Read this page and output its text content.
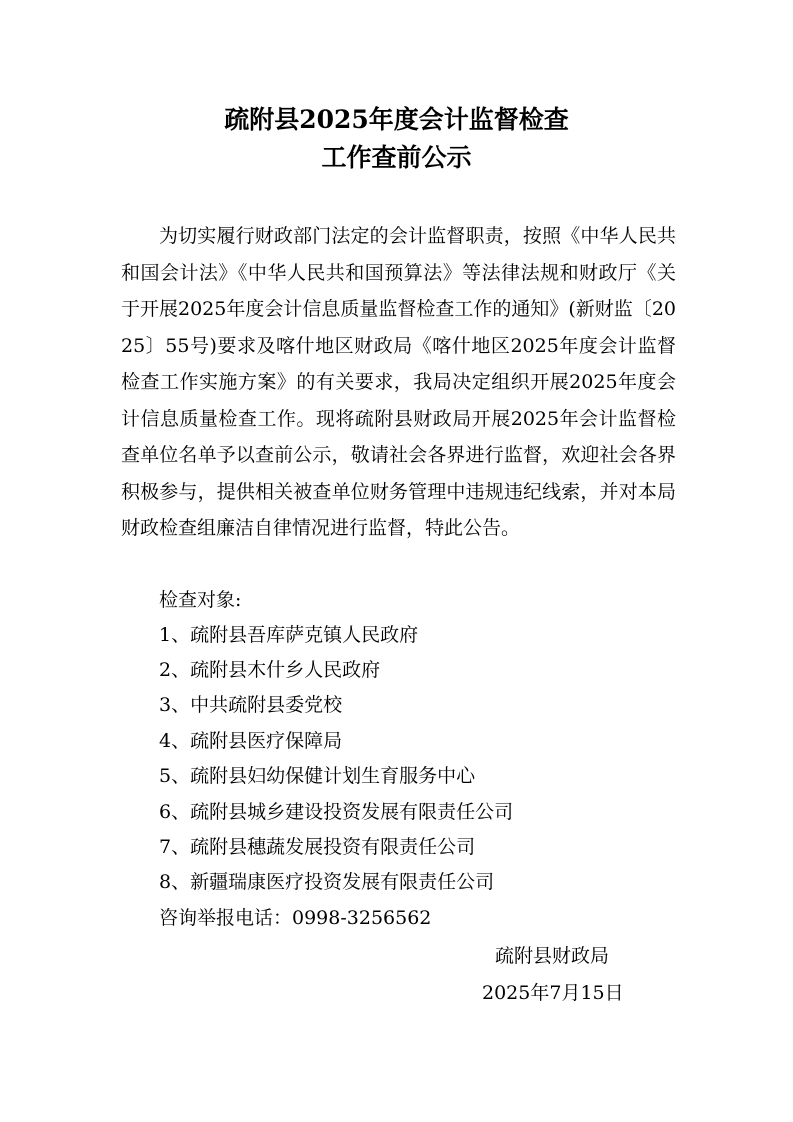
疏附县2025年度会计监督检查
工作查前公示
为切实履行财政部门法定的会计监督职责，按照《中华人民共和国会计法》《中华人民共和国预算法》等法律法规和财政厅《关于开展2025年度会计信息质量监督检查工作的通知》(新财监〔2025〕55号)要求及喀什地区财政局《喀什地区2025年度会计监督检查工作实施方案》的有关要求，我局决定组织开展2025年度会计信息质量检查工作。现将疏附县财政局开展2025年会计监督检查单位名单予以查前公示，敬请社会各界进行监督，欢迎社会各界积极参与，提供相关被查单位财务管理中违规违纪线索，并对本局财政检查组廉洁自律情况进行监督，特此公告。
检查对象:
1、疏附县吾库萨克镇人民政府
2、疏附县木什乡人民政府
3、中共疏附县委党校
4、疏附县医疗保障局
5、疏附县妇幼保健计划生育服务中心
6、疏附县城乡建设投资发展有限责任公司
7、疏附县穗蔬发展投资有限责任公司
8、新疆瑞康医疗投资发展有限责任公司
咨询举报电话：0998-3256562
疏附县财政局
2025年7月15日
